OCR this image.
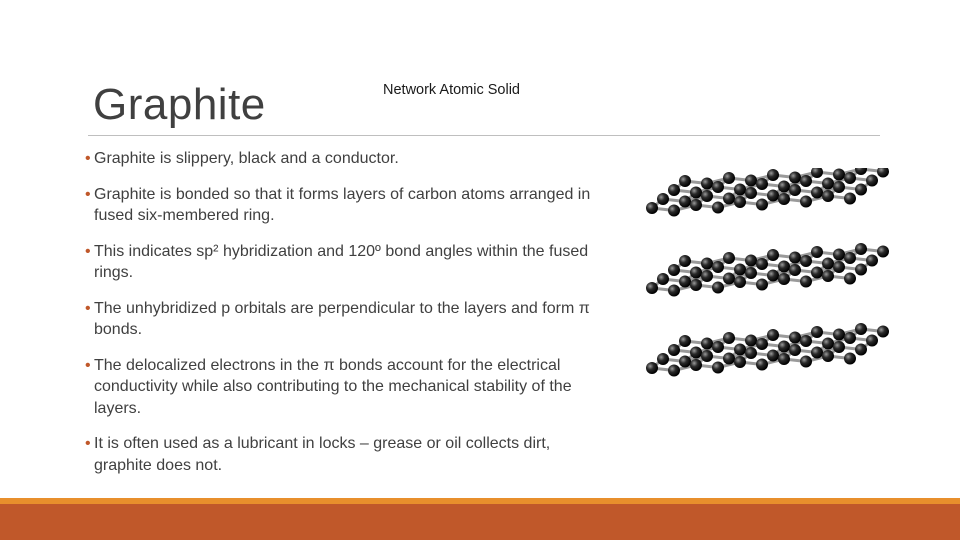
Graphite	Network Atomic Solid
• Graphite is slippery, black and a conductor.
• Graphite is bonded so that it forms layers of carbon atoms arranged in fused six-membered ring.
• This indicates sp² hybridization and 120º bond angles within the fused rings.
• The unhybridized p orbitals are perpendicular to the layers and form π bonds.
• The delocalized electrons in the π bonds account for the electrical conductivity while also contributing to the mechanical stability of the layers.
• It is often used as a lubricant in locks – grease or oil collects dirt, graphite does not.
